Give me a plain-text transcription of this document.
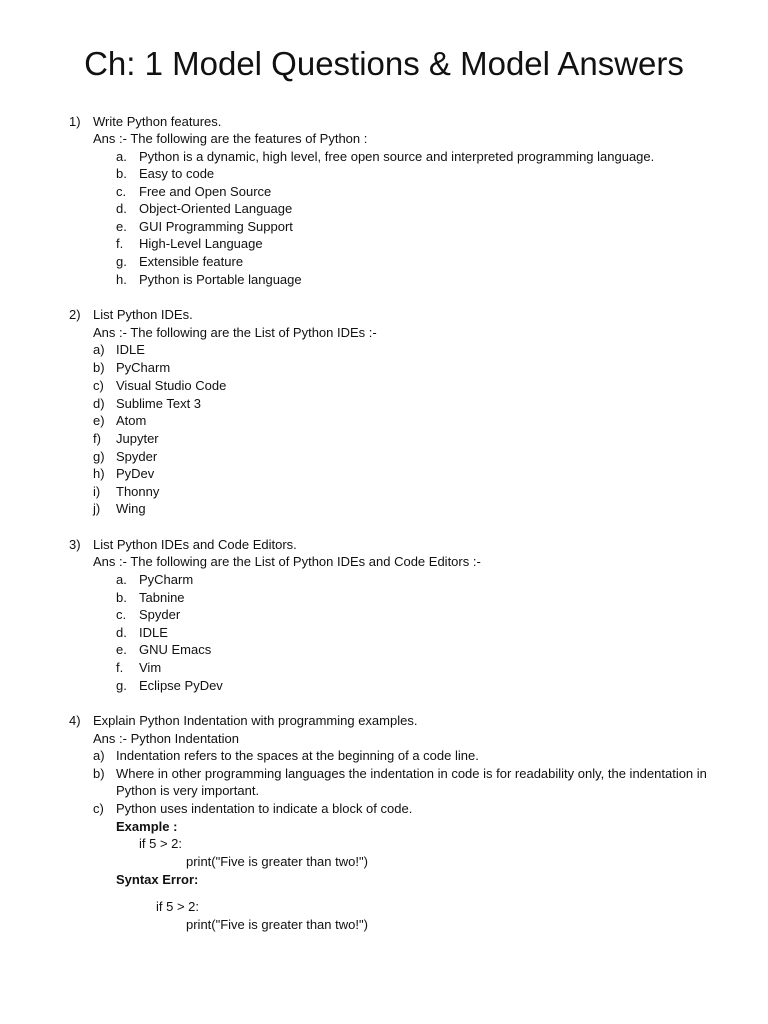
Ch: 1 Model Questions & Model Answers
1) Write Python features.
Ans :- The following are the features of Python :
a. Python is a dynamic, high level, free open source and interpreted programming language.
b. Easy to code
c. Free and Open Source
d. Object-Oriented Language
e. GUI Programming Support
f. High-Level Language
g. Extensible feature
h. Python is Portable language
2) List Python IDEs.
Ans :- The following are the List of Python IDEs :-
a) IDLE
b) PyCharm
c) Visual Studio Code
d) Sublime Text 3
e) Atom
f) Jupyter
g) Spyder
h) PyDev
i) Thonny
j) Wing
3) List Python IDEs and Code Editors.
Ans :- The following are the List of Python IDEs and Code Editors :-
a. PyCharm
b. Tabnine
c. Spyder
d. IDLE
e. GNU Emacs
f. Vim
g. Eclipse PyDev
4) Explain Python Indentation with programming examples.
Ans :- Python Indentation
a) Indentation refers to the spaces at the beginning of a code line.
b) Where in other programming languages the indentation in code is for readability only, the indentation in
Python is very important.
c) Python uses indentation to indicate a block of code.
Example :
if 5 > 2:
print("Five is greater than two!")
Syntax Error:
if 5 > 2:
print("Five is greater than two!")
